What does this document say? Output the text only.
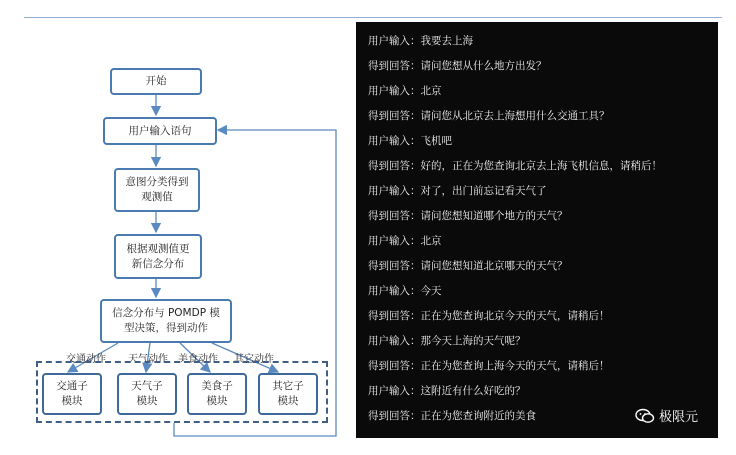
开始
用户输入语句
意图分类得到
观测值
根据观测值更
新信念分布
信念分布与 POMDP 模
型决策，得到动作
交通动作 天气动作 美食动作 其它动作
交通子
模块
天气子
模块
美食子
模块
其它子
模块
用户输入：我要去上海
得到回答：请问您想从什么地方出发？
用户输入：北京
得到回答：请问您从北京去上海想用什么交通工具？
用户输入：飞机吧
得到回答：好的，正在为您查询北京去上海飞机信息，请稍后！
用户输入：对了，出门前忘记看天气了
得到回答：请问您想知道哪个地方的天气？
用户输入：北京
得到回答：请问您想知道北京哪天的天气？
用户输入：今天
得到回答：正在为您查询北京今天的天气，请稍后！
用户输入：那今天上海的天气呢？
得到回答：正在为您查询上海今天的天气，请稍后！
用户输入：这附近有什么好吃的？
得到回答：正在为您查询附近的美食	极限元
